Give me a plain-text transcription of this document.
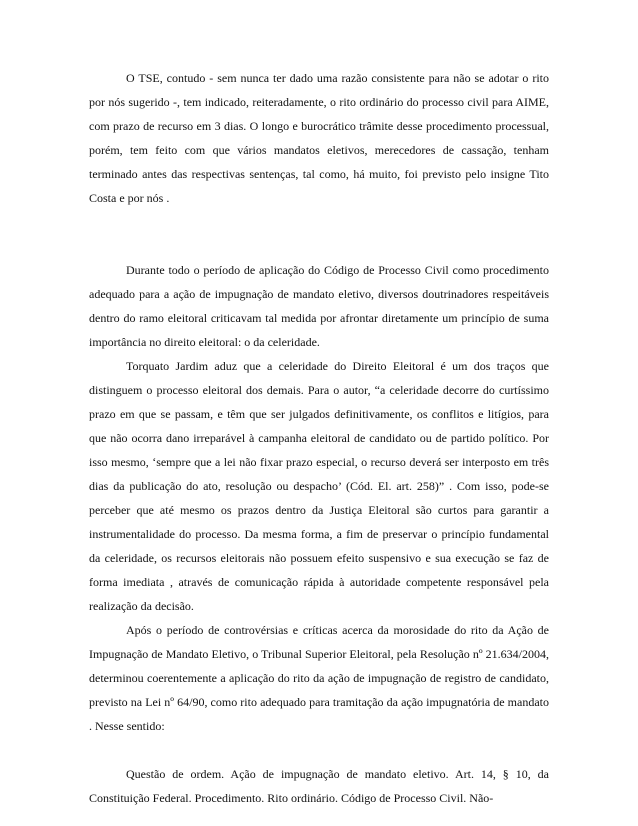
O TSE, contudo - sem nunca ter dado uma razão consistente para não se adotar o rito por nós sugerido -, tem indicado, reiteradamente, o rito ordinário do processo civil para AIME, com prazo de recurso em 3 dias. O longo e burocrático trâmite desse procedimento processual, porém, tem feito com que vários mandatos eletivos, merecedores de cassação, tenham terminado antes das respectivas sentenças, tal como, há muito, foi previsto pelo insigne Tito Costa e por nós .

Durante todo o período de aplicação do Código de Processo Civil como procedimento adequado para a ação de impugnação de mandato eletivo, diversos doutrinadores respeitáveis dentro do ramo eleitoral criticavam tal medida por afrontar diretamente um princípio de suma importância no direito eleitoral: o da celeridade.

Torquato Jardim aduz que a celeridade do Direito Eleitoral é um dos traços que distinguem o processo eleitoral dos demais. Para o autor, “a celeridade decorre do curtíssimo prazo em que se passam, e têm que ser julgados definitivamente, os conflitos e litígios, para que não ocorra dano irreparável à campanha eleitoral de candidato ou de partido político. Por isso mesmo, ‘sempre que a lei não fixar prazo especial, o recurso deverá ser interposto em três dias da publicação do ato, resolução ou despacho’ (Cód. El. art. 258)” . Com isso, pode-se perceber que até mesmo os prazos dentro da Justiça Eleitoral são curtos para garantir a instrumentalidade do processo. Da mesma forma, a fim de preservar o princípio fundamental da celeridade, os recursos eleitorais não possuem efeito suspensivo e sua execução se faz de forma imediata , através de comunicação rápida à autoridade competente responsável pela realização da decisão.

Após o período de controvérsias e críticas acerca da morosidade do rito da Ação de Impugnação de Mandato Eletivo, o Tribunal Superior Eleitoral, pela Resolução nº 21.634/2004, determinou coerentemente a aplicação do rito da ação de impugnação de registro de candidato, previsto na Lei nº 64/90, como rito adequado para tramitação da ação impugnatória de mandato . Nesse sentido:

Questão de ordem. Ação de impugnação de mandato eletivo. Art. 14, § 10, da Constituição Federal. Procedimento. Rito ordinário. Código de Processo Civil. Não-
